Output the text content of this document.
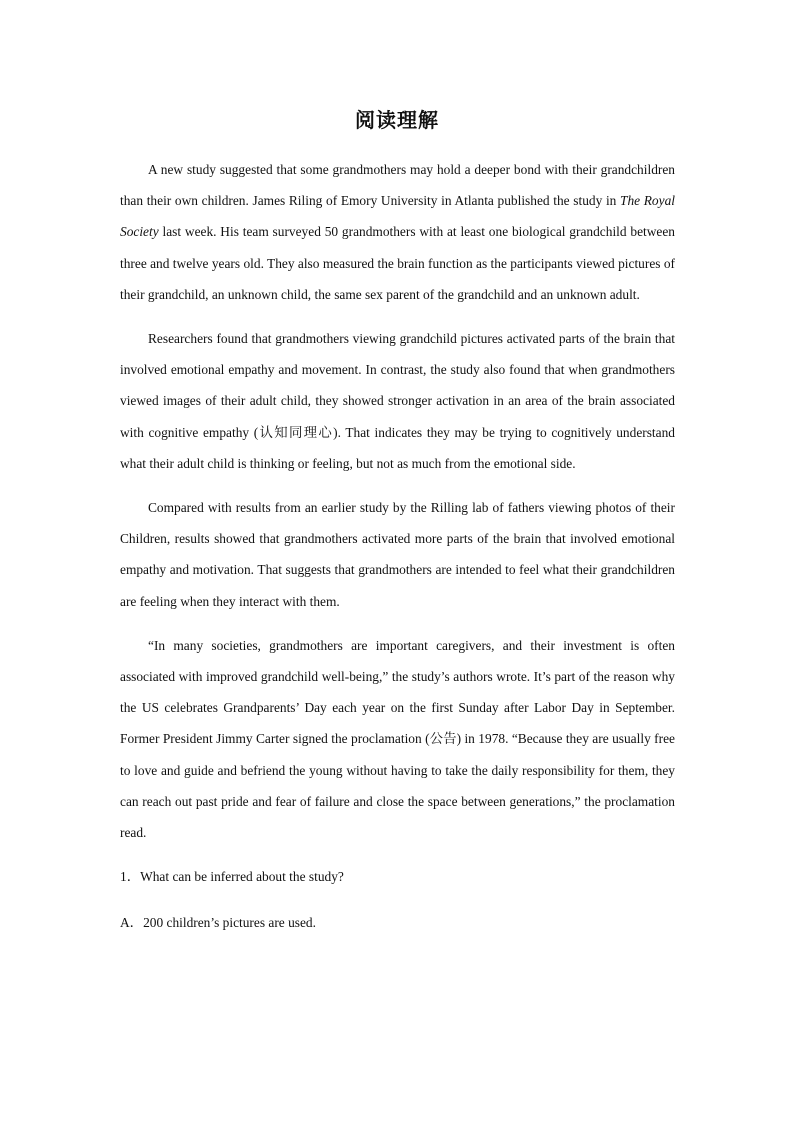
阅读理解

A new study suggested that some grandmothers may hold a deeper bond with their grandchildren than their own children. James Riling of Emory University in Atlanta published the study in The Royal Society last week. His team surveyed 50 grandmothers with at least one biological grandchild between three and twelve years old. They also measured the brain function as the participants viewed pictures of their grandchild, an unknown child, the same sex parent of the grandchild and an unknown adult.

Researchers found that grandmothers viewing grandchild pictures activated parts of the brain that involved emotional empathy and movement. In contrast, the study also found that when grandmothers viewed images of their adult child, they showed stronger activation in an area of the brain associated with cognitive empathy (认知同理心). That indicates they may be trying to cognitively understand what their adult child is thinking or feeling, but not as much from the emotional side.

Compared with results from an earlier study by the Rilling lab of fathers viewing photos of their Children, results showed that grandmothers activated more parts of the brain that involved emotional empathy and motivation. That suggests that grandmothers are intended to feel what their grandchildren are feeling when they interact with them.

“In many societies, grandmothers are important caregivers, and their investment is often associated with improved grandchild well-being,” the study’s authors wrote. It’s part of the reason why the US celebrates Grandparents’ Day each year on the first Sunday after Labor Day in September. Former President Jimmy Carter signed the proclamation (公告) in 1978. “Because they are usually free to love and guide and befriend the young without having to take the daily responsibility for them, they can reach out past pride and fear of failure and close the space between generations,” the proclamation read.

1．What can be inferred about the study?

A．200 children’s pictures are used.
